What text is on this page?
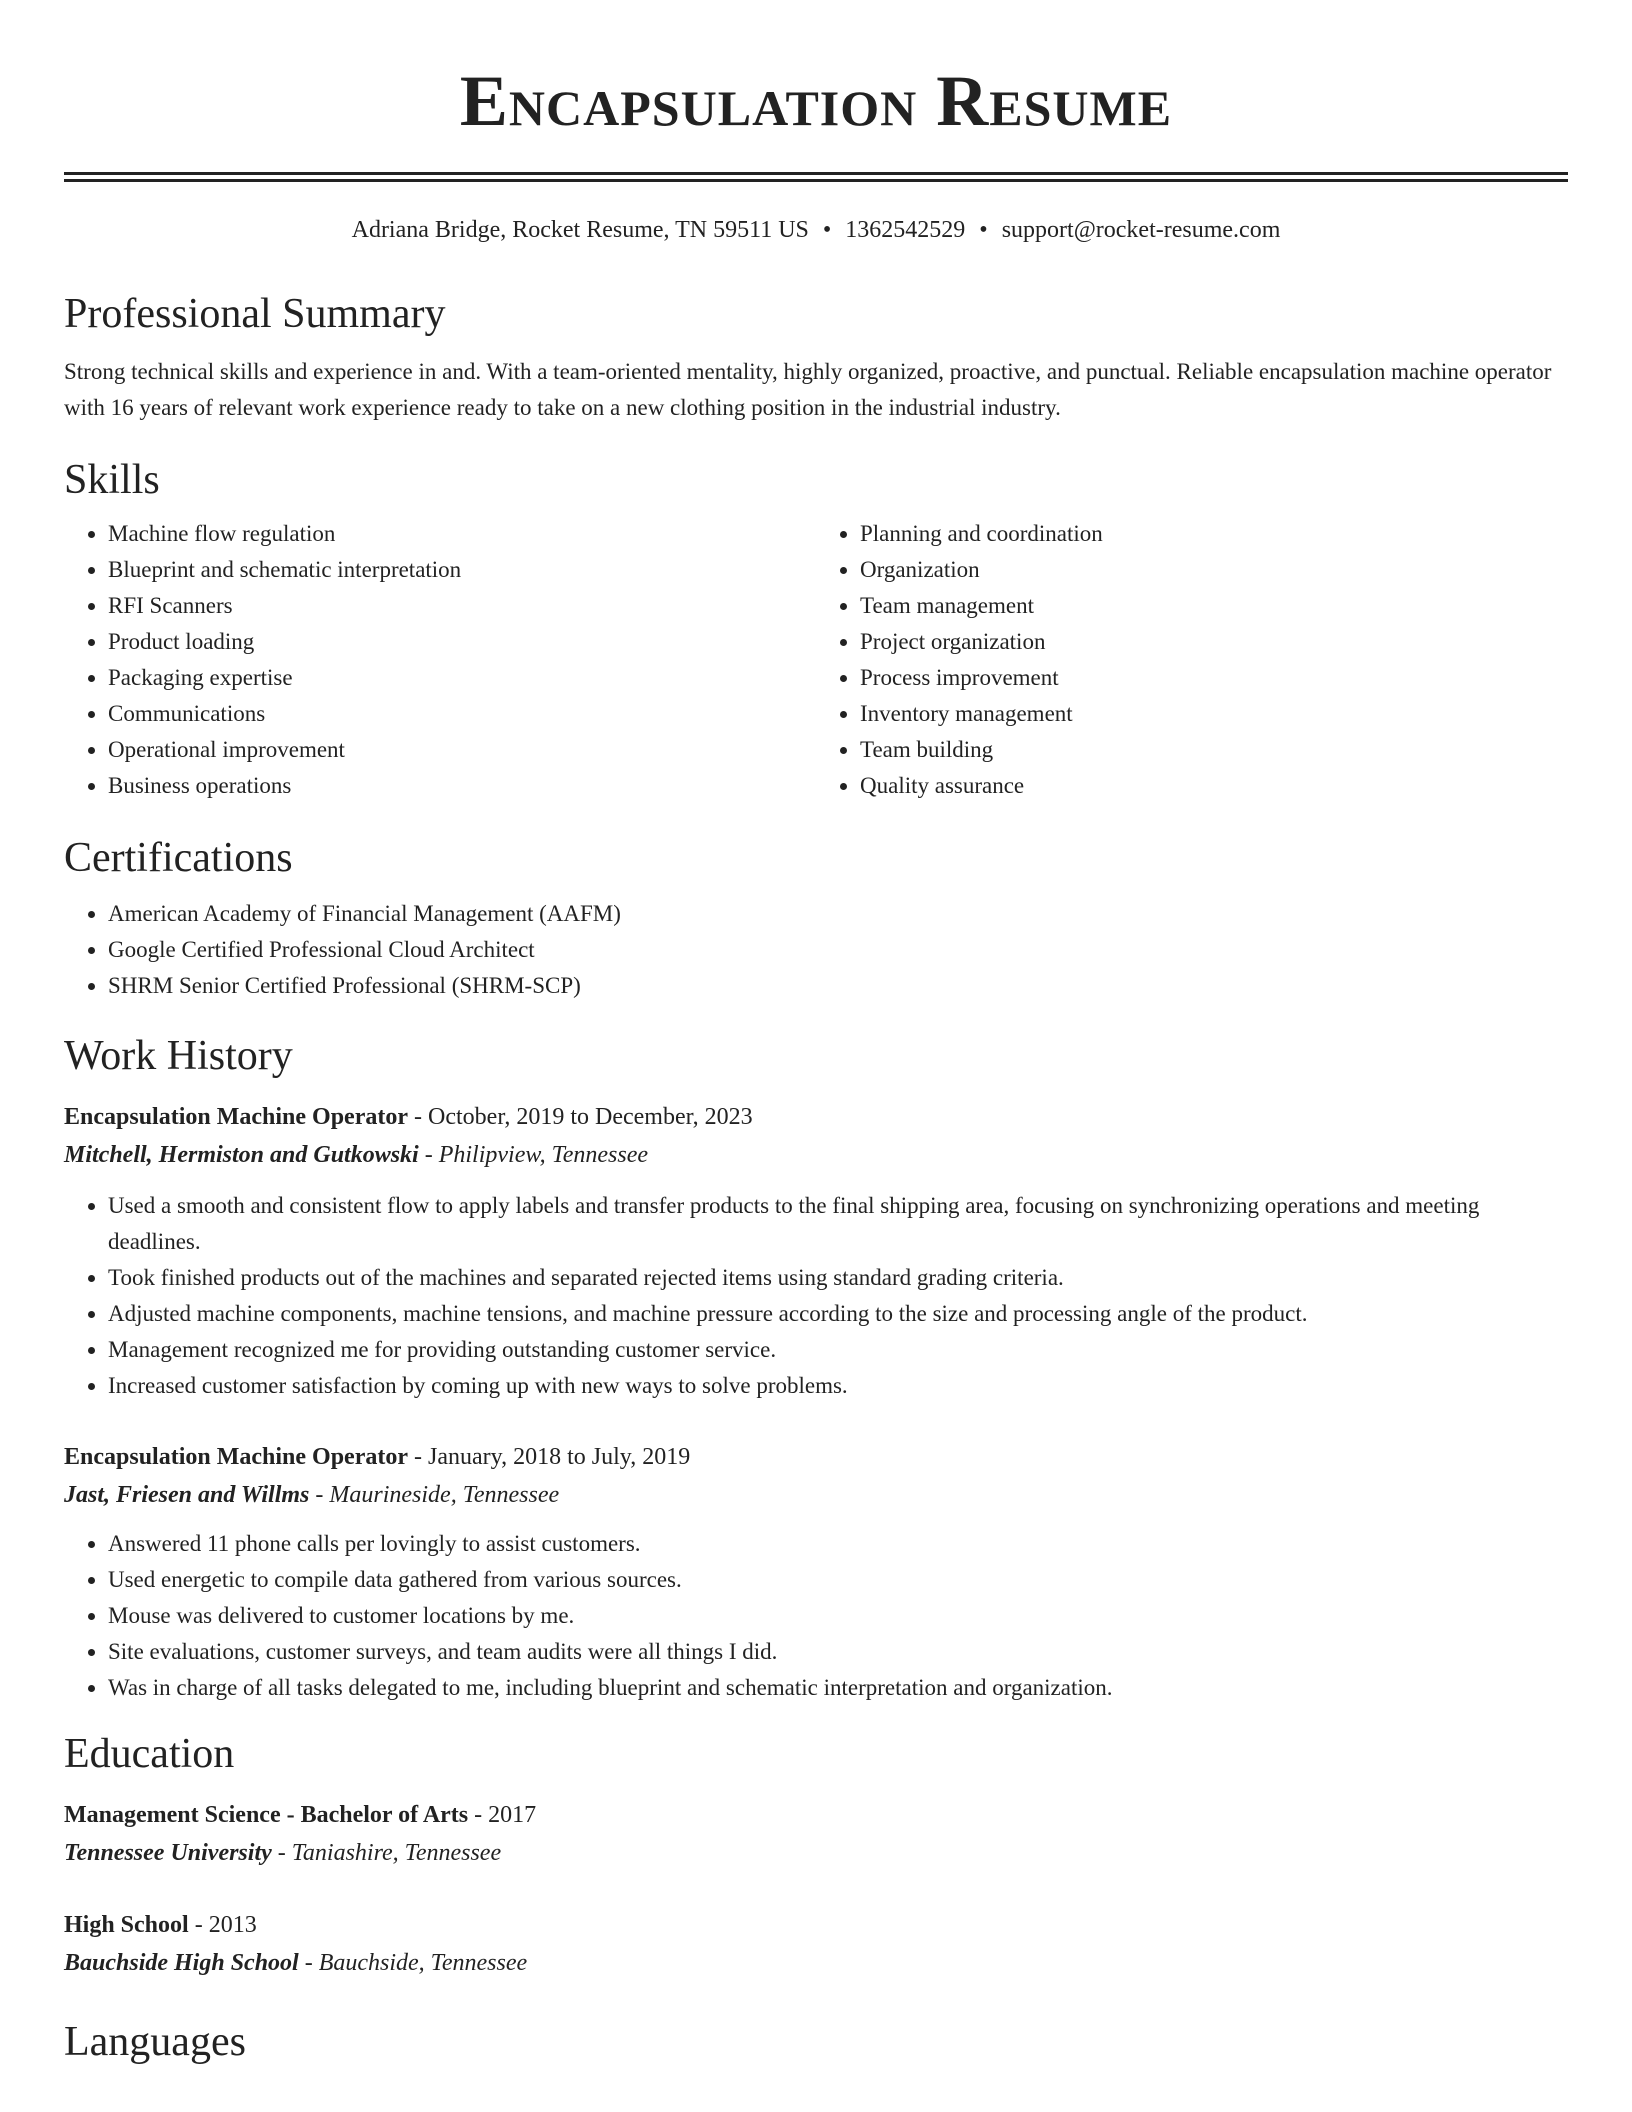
Encapsulation Resume
Adriana Bridge, Rocket Resume, TN 59511 US • 1362542529 • support@rocket-resume.com
Professional Summary
Strong technical skills and experience in and. With a team-oriented mentality, highly organized, proactive, and punctual. Reliable encapsulation machine operator with 16 years of relevant work experience ready to take on a new clothing position in the industrial industry.
Skills
• Machine flow regulation
• Blueprint and schematic interpretation
• RFI Scanners
• Product loading
• Packaging expertise
• Communications
• Operational improvement
• Business operations
• Planning and coordination
• Organization
• Team management
• Project organization
• Process improvement
• Inventory management
• Team building
• Quality assurance
Certifications
• American Academy of Financial Management (AAFM)
• Google Certified Professional Cloud Architect
• SHRM Senior Certified Professional (SHRM-SCP)
Work History
Encapsulation Machine Operator - October, 2019 to December, 2023
Mitchell, Hermiston and Gutkowski - Philipview, Tennessee
• Used a smooth and consistent flow to apply labels and transfer products to the final shipping area, focusing on synchronizing operations and meeting deadlines.
• Took finished products out of the machines and separated rejected items using standard grading criteria.
• Adjusted machine components, machine tensions, and machine pressure according to the size and processing angle of the product.
• Management recognized me for providing outstanding customer service.
• Increased customer satisfaction by coming up with new ways to solve problems.
Encapsulation Machine Operator - January, 2018 to July, 2019
Jast, Friesen and Willms - Maurineside, Tennessee
• Answered 11 phone calls per lovingly to assist customers.
• Used energetic to compile data gathered from various sources.
• Mouse was delivered to customer locations by me.
• Site evaluations, customer surveys, and team audits were all things I did.
• Was in charge of all tasks delegated to me, including blueprint and schematic interpretation and organization.
Education
Management Science - Bachelor of Arts - 2017
Tennessee University - Taniashire, Tennessee
High School - 2013
Bauchside High School - Bauchside, Tennessee
Languages
